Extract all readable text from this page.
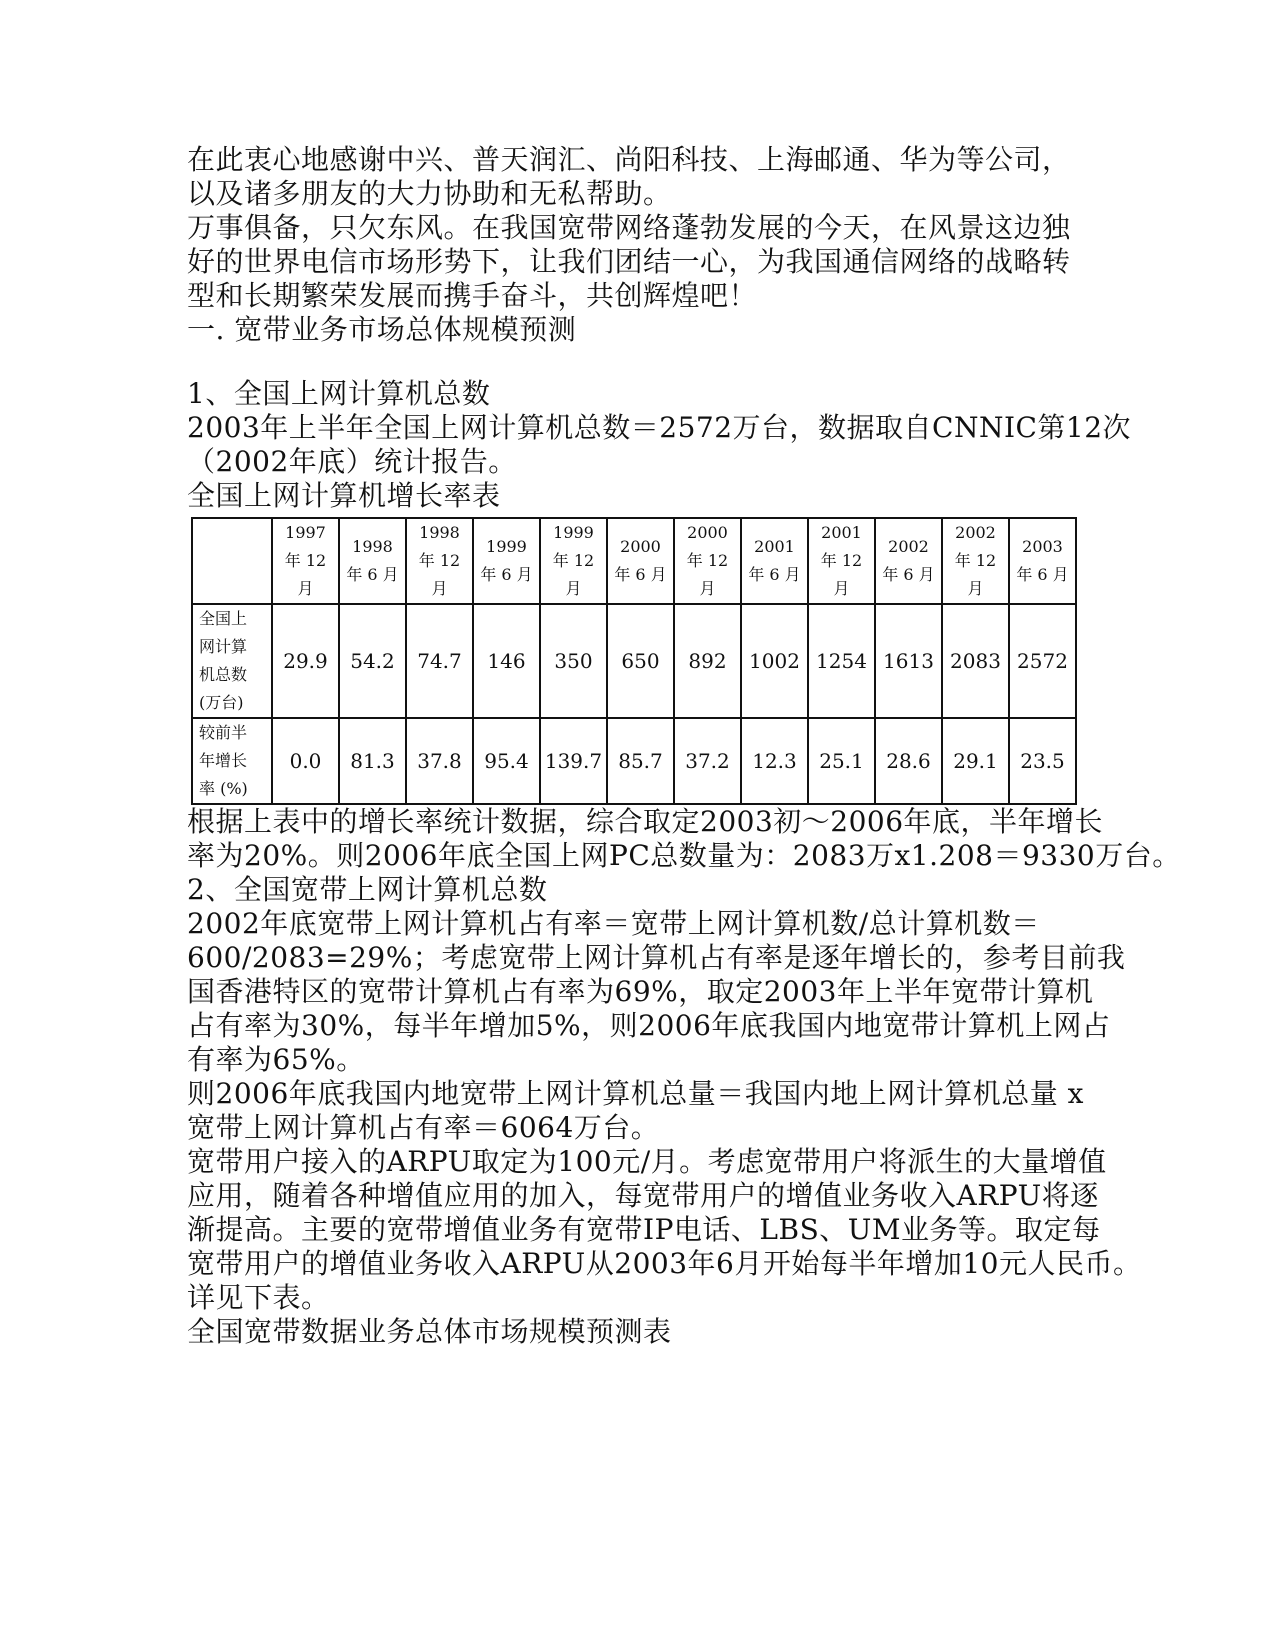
在此衷心地感谢中兴、普天润汇、尚阳科技、上海邮通、华为等公司，
以及诸多朋友的大力协助和无私帮助。
万事俱备，只欠东风。在我国宽带网络蓬勃发展的今天，在风景这边独
好的世界电信市场形势下，让我们团结一心，为我国通信网络的战略转
型和长期繁荣发展而携手奋斗，共创辉煌吧！
一. 宽带业务市场总体规模预测
1、全国上网计算机总数
2003年上半年全国上网计算机总数＝2572万台，数据取自CNNIC第12次
（2002年底）统计报告。
全国上网计算机增长率表

	1997
年 12
月	1998
年 6 月	1998
年 12
月	1999
年 6 月	1999
年 12
月	2000
年 6 月	2000
年 12
月	2001
年 6 月	2001
年 12
月	2002
年 6 月	2002
年 12
月	2003
年 6 月

全国上
网计算
机总数
(万台)	29.9	54.2	74.7	146	350	650	892	1002	1254	1613	2083	2572

较前半
年增长
率 (%)	0.0	81.3	37.8	95.4	139.7	85.7	37.2	12.3	25.1	28.6	29.1	23.5
根据上表中的增长率统计数据，综合取定2003初～2006年底，半年增长
率为20%。则2006年底全国上网PC总数量为：2083万x1.208＝9330万台。
2、全国宽带上网计算机总数
2002年底宽带上网计算机占有率＝宽带上网计算机数/总计算机数＝
600/2083=29%；考虑宽带上网计算机占有率是逐年增长的，参考目前我
国香港特区的宽带计算机占有率为69%，取定2003年上半年宽带计算机
占有率为30%，每半年增加5%，则2006年底我国内地宽带计算机上网占
有率为65%。
则2006年底我国内地宽带上网计算机总量＝我国内地上网计算机总量 x
宽带上网计算机占有率＝6064万台。
宽带用户接入的ARPU取定为100元/月。考虑宽带用户将派生的大量增值
应用，随着各种增值应用的加入，每宽带用户的增值业务收入ARPU将逐
渐提高。主要的宽带增值业务有宽带IP电话、LBS、UM业务等。取定每
宽带用户的增值业务收入ARPU从2003年6月开始每半年增加10元人民币。
详见下表。
全国宽带数据业务总体市场规模预测表
